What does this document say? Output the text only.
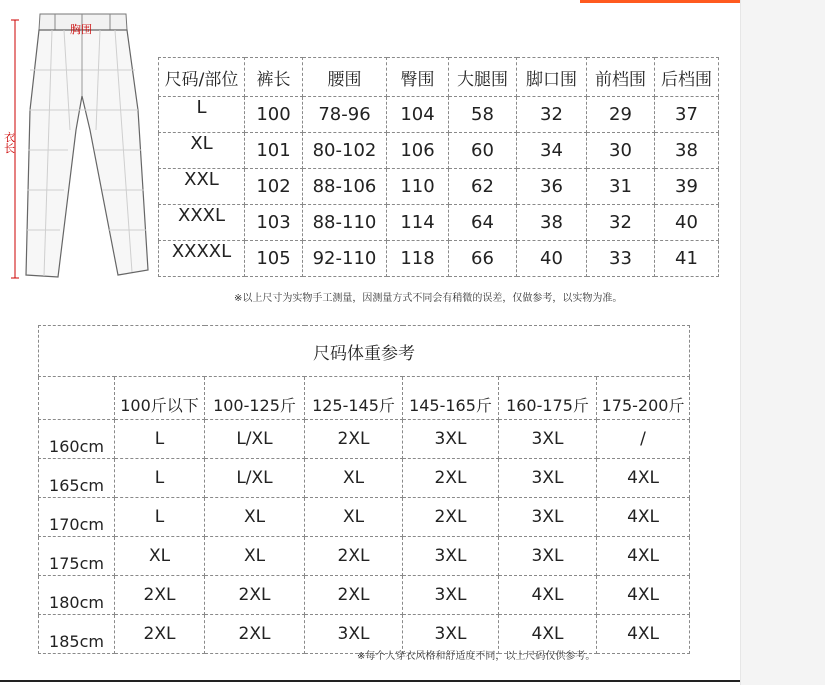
胸围
衣长
尺码/部位	裤长	腰围	臀围	大腿围	脚口围	前档围	后档围
L	100	78-96	104	58	32	29	37
XL	101	80-102	106	60	34	30	38
XXL	102	88-106	110	62	36	31	39
XXXL	103	88-110	114	64	38	32	40
XXXXL	105	92-110	118	66	40	33	41
※以上尺寸为实物手工测量，因测量方式不同会有稍微的误差，仅做参考，以实物为准。
尺码体重参考						
	100斤以下	100-125斤	125-145斤	145-165斤	160-175斤	175-200斤
160cm	L	L/XL	2XL	3XL	3XL	/
165cm	L	L/XL	XL	2XL	3XL	4XL
170cm	L	XL	XL	2XL	3XL	4XL
175cm	XL	XL	2XL	3XL	3XL	4XL
180cm	2XL	2XL	2XL	3XL	4XL	4XL
185cm	2XL	2XL	3XL	3XL	4XL	4XL
※每个人穿衣风格和舒适度不同，以上尺码仅供参考。
